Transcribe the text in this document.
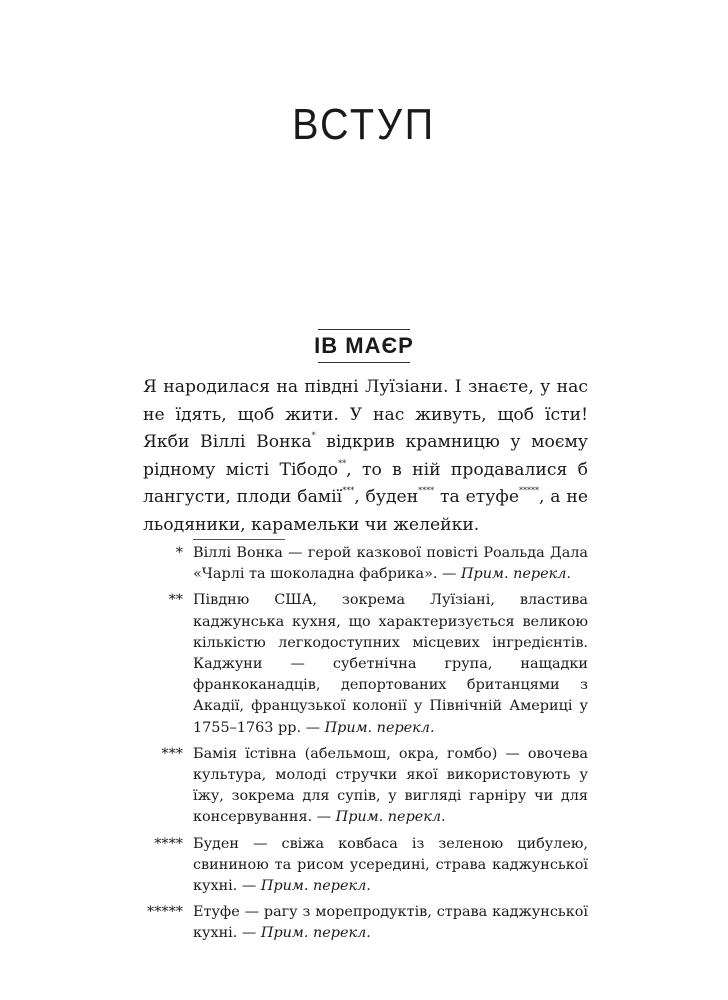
ВСТУП
ІВ МАЄР

Я народилася на півдні Луїзіани. І знаєте, у нас не їдять, щоб жити. У нас живуть, щоб їсти! Якби Віллі Вонка* відкрив крамницю у моєму рідному місті Тібодо**, то в ній продавалися б лангусти, плоди бамії***, буден**** та етуфе*****, а не льодяники, карамельки чи желейки.

* Віллі Вонка — герой казкової повісті Роальда Дала «Чарлі та шоколадна фабрика». — Прим. перекл.
** Півдню США, зокрема Луїзіані, властива каджунська кухня, що характеризується великою кількістю легкодоступних місцевих інгредієнтів. Каджуни — субетнічна група, нащадки франкоканадців, депортованих британцями з Акадії, французької колонії у Північній Америці у 1755–1763 рр. — Прим. перекл.
*** Бамія їстівна (абельмош, окра, гомбо) — овочева культура, молоді стручки якої використовують у їжу, зокрема для супів, у вигляді гарніру чи для консервування. — Прим. перекл.
**** Буден — свіжа ковбаса із зеленою цибулею, свининою та рисом усередині, страва каджунської кухні. — Прим. перекл.
***** Етуфе — рагу з морепродуктів, страва каджунської кухні. — Прим. перекл.
